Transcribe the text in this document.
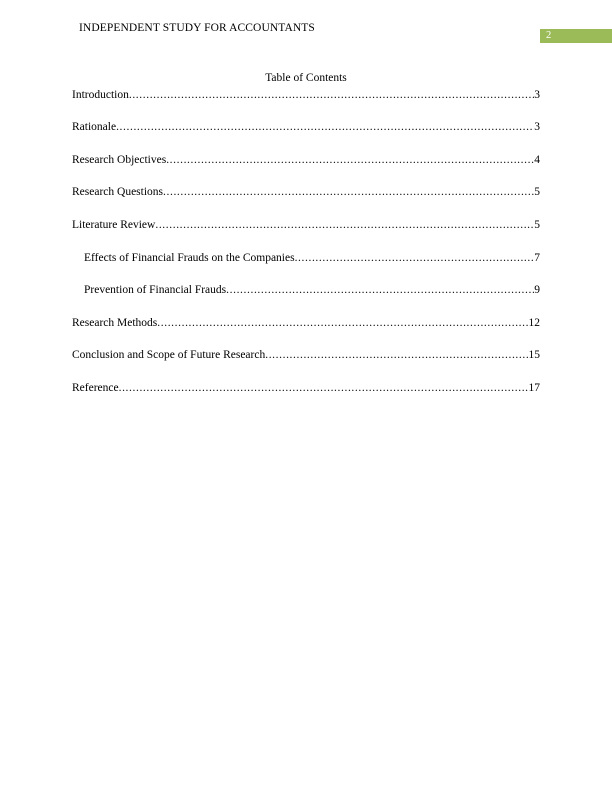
INDEPENDENT STUDY FOR ACCOUNTANTS
2
Table of Contents
Introduction .....	3
Rationale .....	3
Research Objectives .....	4
Research Questions .....	5
Literature Review .....	5
Effects of Financial Frauds on the Companies .....	7
Prevention of Financial Frauds .....	9
Research Methods .....	12
Conclusion and Scope of Future Research .....	15
Reference .....	17
